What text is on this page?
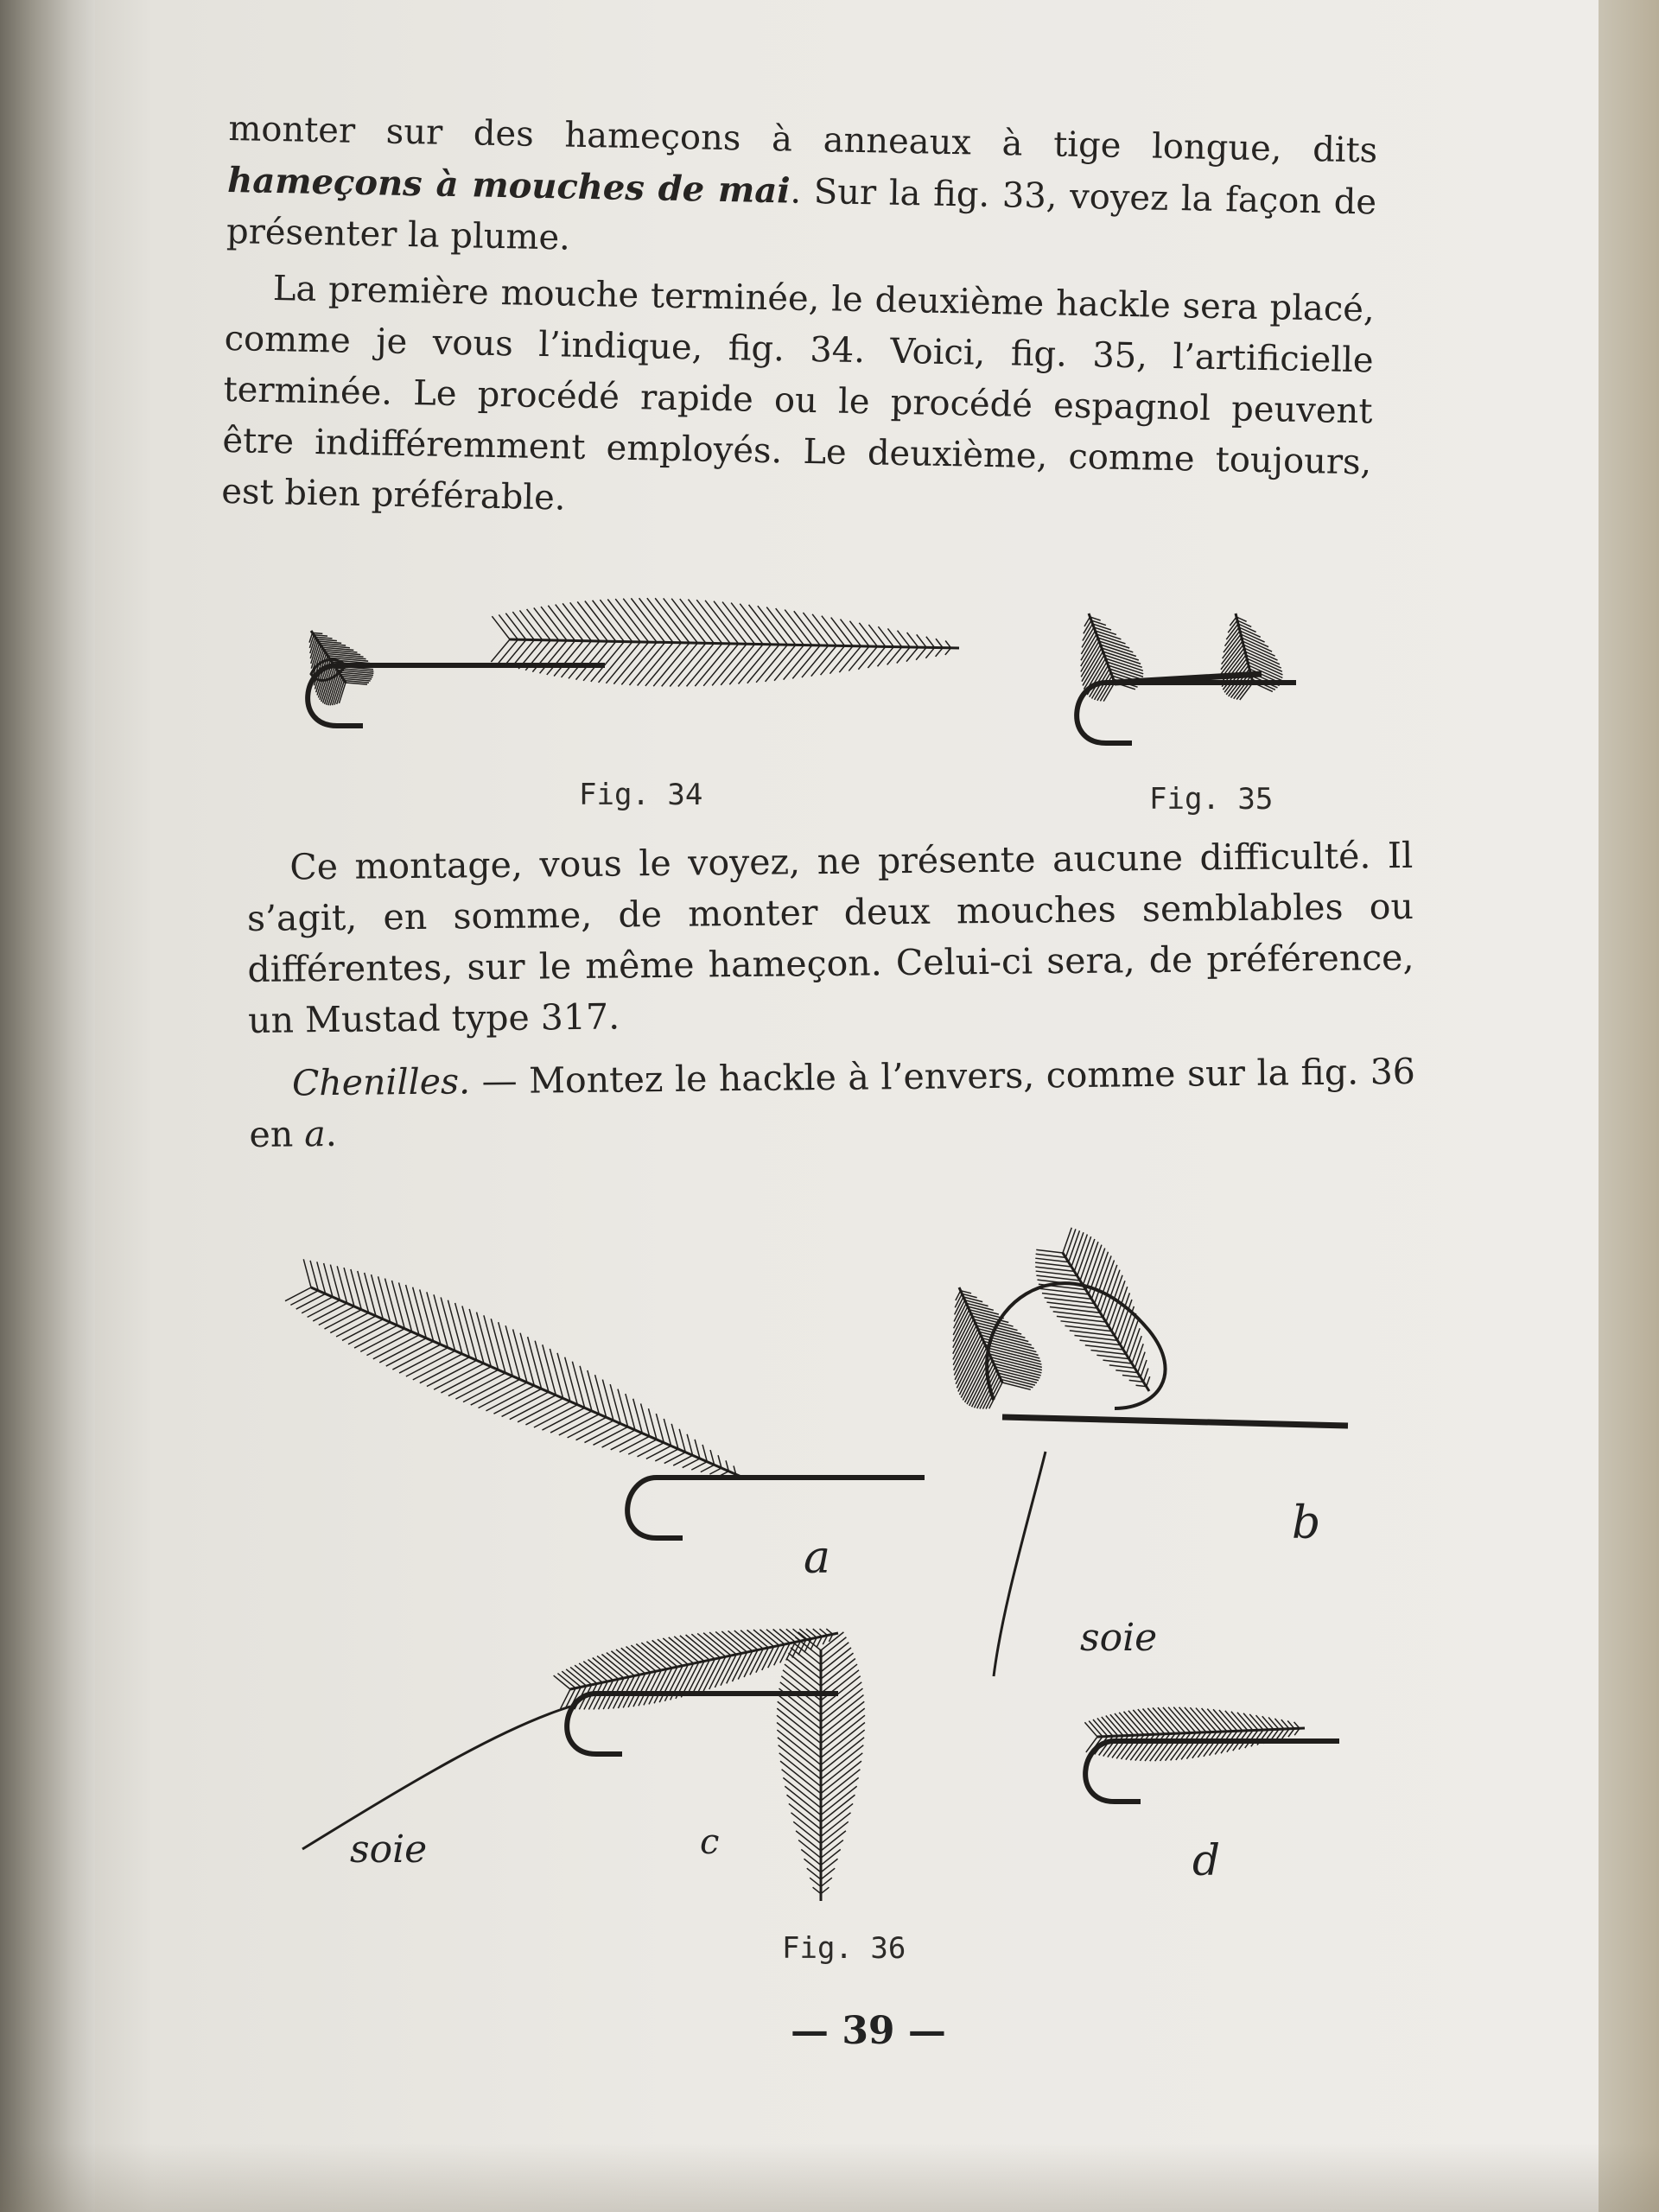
monter sur des hameçons à anneaux à tige longue, dits hameçons à mouches de mai. Sur la fig. 33, voyez la façon de présenter la plume.

La première mouche terminée, le deuxième hackle sera placé, comme je vous l’indique, fig. 34. Voici, fig. 35, l’artificielle terminée. Le procédé rapide ou le procédé espagnol peuvent être indifféremment employés. Le deuxième, comme toujours, est bien préférable.

Fig. 34	Fig. 35

Ce montage, vous le voyez, ne présente aucune difficulté. Il s’agit, en somme, de monter deux mouches semblables ou différentes, sur le même hameçon. Celui-ci sera, de préférence, un Mustad type 317.

Chenilles. — Montez le hackle à l’envers, comme sur la fig. 36 en a.

a
b
soie
c
soie	d
Fig. 36
— 39 —
